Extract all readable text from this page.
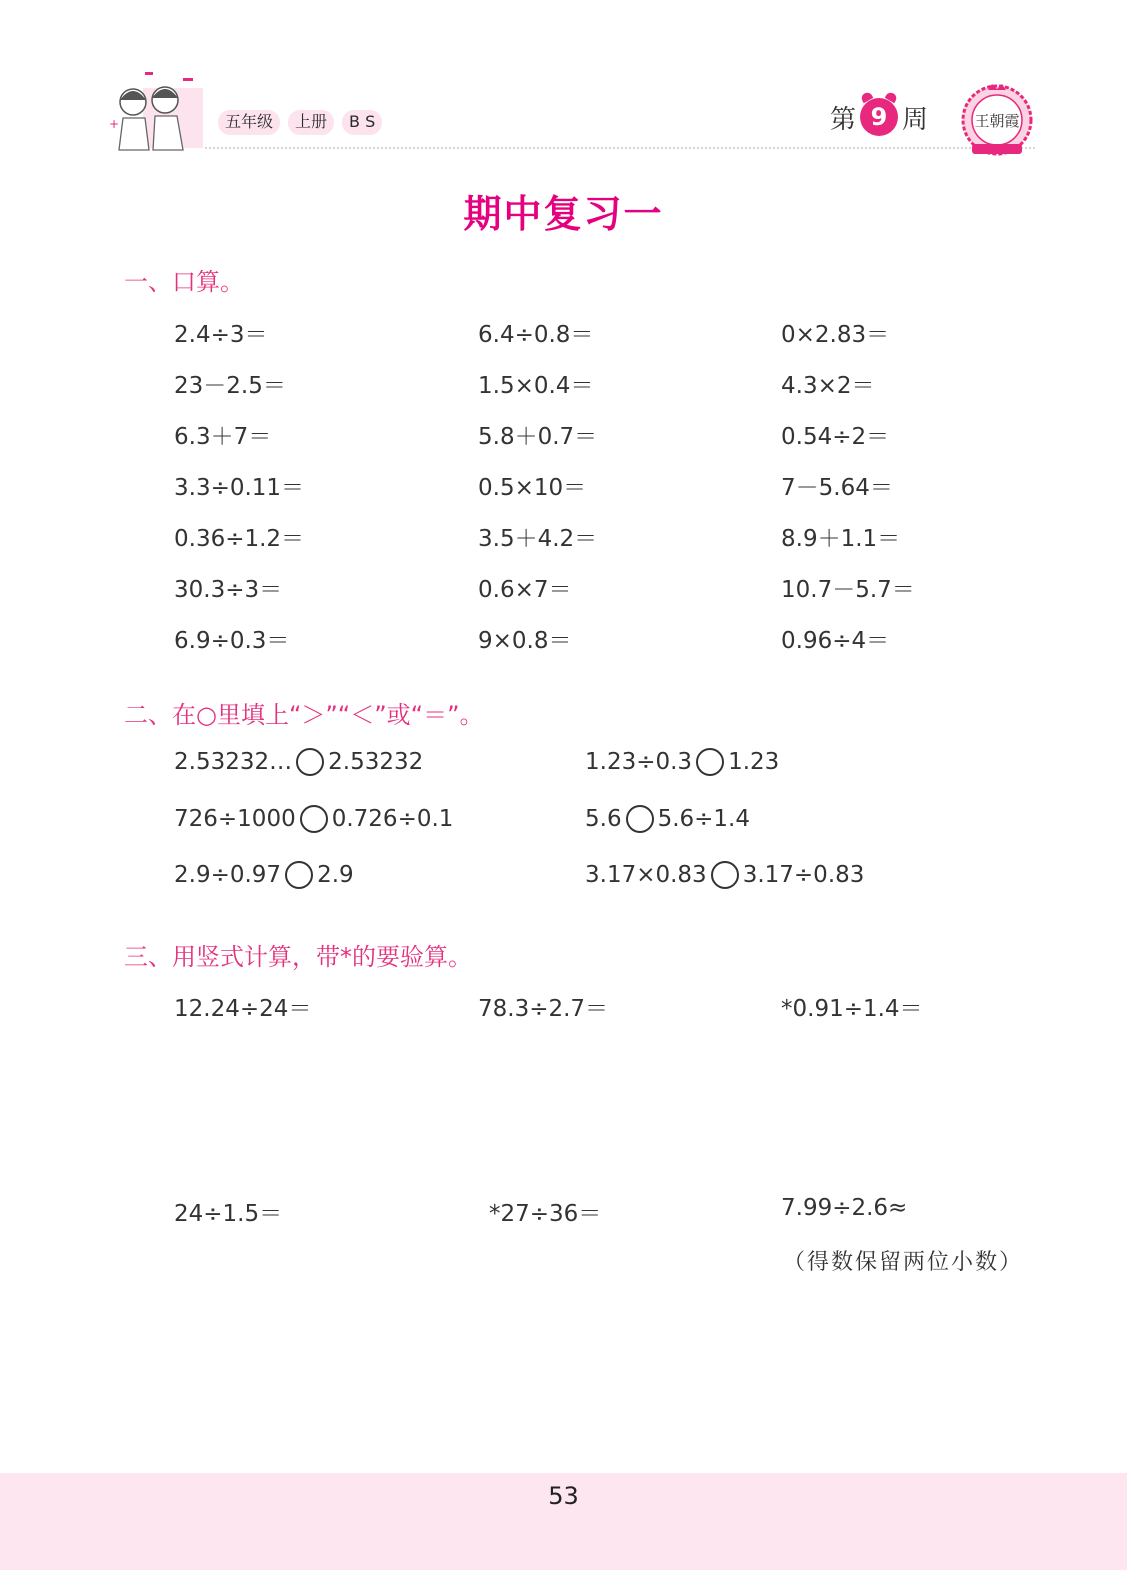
+	五年级	上册	B S	第 9 周	王朝霞
期中复习一
一、口算。
2.4÷3＝	6.4÷0.8＝	0×2.83＝
23－2.5＝	1.5×0.4＝	4.3×2＝
6.3＋7＝	5.8＋0.7＝	0.54÷2＝
3.3÷0.11＝	0.5×10＝	7－5.64＝
0.36÷1.2＝	3.5＋4.2＝	8.9＋1.1＝
30.3÷3＝	0.6×7＝	10.7－5.7＝
6.9÷0.3＝	9×0.8＝	0.96÷4＝
二、在○里填上“＞”“＜”或“＝”。
2.53232… 2.53232	1.23÷0.3 1.23
726÷1000 0.726÷0.1	5.6 5.6÷1.4
2.9÷0.97 2.9	3.17×0.83 3.17÷0.83
三、用竖式计算，带*的要验算。
12.24÷24＝	78.3÷2.7＝	*0.91÷1.4＝
24÷1.5＝	*27÷36＝	7.99÷2.6≈
（得数保留两位小数）
53
